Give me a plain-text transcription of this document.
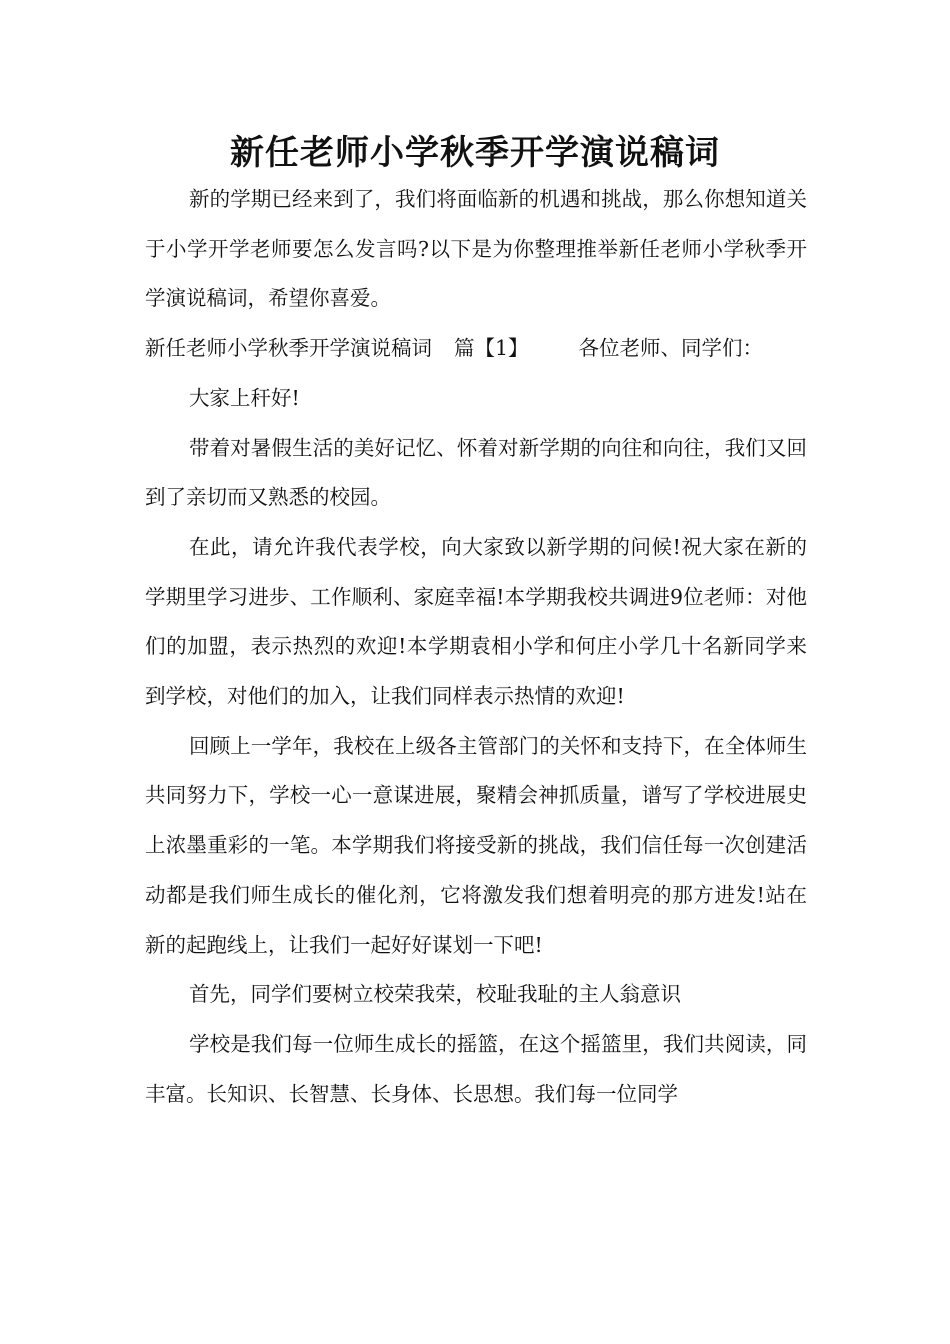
新任老师小学秋季开学演说稿词

新的学期已经来到了，我们将面临新的机遇和挑战，那么你想知道关于小学开学老师要怎么发言吗?以下是为你整理推举新任老师小学秋季开学演说稿词，希望你喜爱。

新任老师小学秋季开学演说稿词 篇【1】 各位老师、同学们：

大家上秆好!

带着对暑假生活的美好记忆、怀着对新学期的向往和向往，我们又回到了亲切而又熟悉的校园。

在此，请允许我代表学校，向大家致以新学期的问候!祝大家在新的学期里学习进步、工作顺利、家庭幸福!本学期我校共调进9位老师：对他们的加盟，表示热烈的欢迎!本学期袁相小学和何庄小学几十名新同学来到学校，对他们的加入，让我们同样表示热情的欢迎!

回顾上一学年，我校在上级各主管部门的关怀和支持下，在全体师生共同努力下，学校一心一意谋进展，聚精会神抓质量，谱写了学校进展史上浓墨重彩的一笔。本学期我们将接受新的挑战，我们信任每一次创建活动都是我们师生成长的催化剂，它将激发我们想着明亮的那方进发!站在新的起跑线上，让我们一起好好谋划一下吧!

首先，同学们要树立校荣我荣，校耻我耻的主人翁意识

学校是我们每一位师生成长的摇篮，在这个摇篮里，我们共阅读，同丰富。长知识、长智慧、长身体、长思想。我们每一位同学
